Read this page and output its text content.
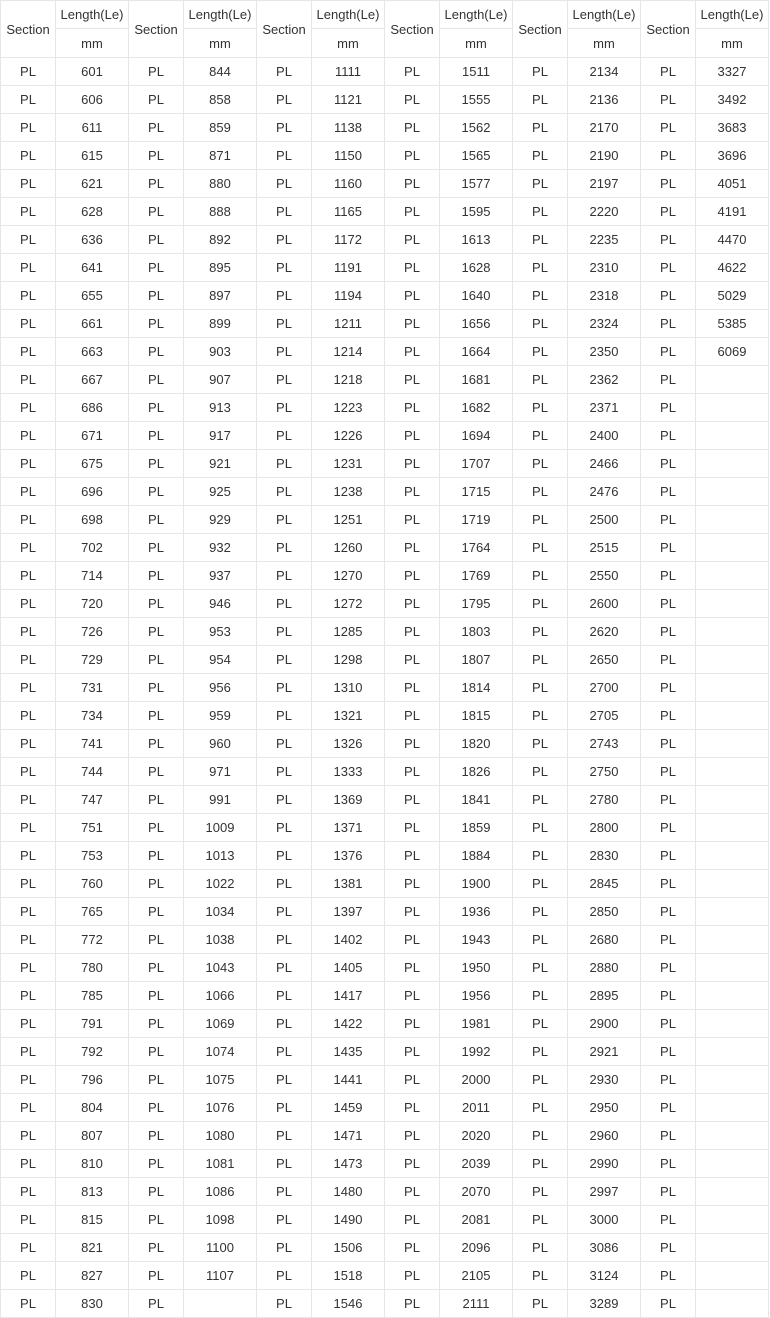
Section	Length(Le)	Section	Length(Le)	Section	Length(Le)	Section	Length(Le)	Section	Length(Le)	Section	Length(Le)
	mm		mm		mm		mm		mm		mm
PL	601	PL	844	PL	1111	PL	1511	PL	2134	PL	3327
PL	606	PL	858	PL	1121	PL	1555	PL	2136	PL	3492
PL	611	PL	859	PL	1138	PL	1562	PL	2170	PL	3683
PL	615	PL	871	PL	1150	PL	1565	PL	2190	PL	3696
PL	621	PL	880	PL	1160	PL	1577	PL	2197	PL	4051
PL	628	PL	888	PL	1165	PL	1595	PL	2220	PL	4191
PL	636	PL	892	PL	1172	PL	1613	PL	2235	PL	4470
PL	641	PL	895	PL	1191	PL	1628	PL	2310	PL	4622
PL	655	PL	897	PL	1194	PL	1640	PL	2318	PL	5029
PL	661	PL	899	PL	1211	PL	1656	PL	2324	PL	5385
PL	663	PL	903	PL	1214	PL	1664	PL	2350	PL	6069
PL	667	PL	907	PL	1218	PL	1681	PL	2362	PL	
PL	686	PL	913	PL	1223	PL	1682	PL	2371	PL	
PL	671	PL	917	PL	1226	PL	1694	PL	2400	PL	
PL	675	PL	921	PL	1231	PL	1707	PL	2466	PL	
PL	696	PL	925	PL	1238	PL	1715	PL	2476	PL	
PL	698	PL	929	PL	1251	PL	1719	PL	2500	PL	
PL	702	PL	932	PL	1260	PL	1764	PL	2515	PL	
PL	714	PL	937	PL	1270	PL	1769	PL	2550	PL	
PL	720	PL	946	PL	1272	PL	1795	PL	2600	PL	
PL	726	PL	953	PL	1285	PL	1803	PL	2620	PL	
PL	729	PL	954	PL	1298	PL	1807	PL	2650	PL	
PL	731	PL	956	PL	1310	PL	1814	PL	2700	PL	
PL	734	PL	959	PL	1321	PL	1815	PL	2705	PL	
PL	741	PL	960	PL	1326	PL	1820	PL	2743	PL	
PL	744	PL	971	PL	1333	PL	1826	PL	2750	PL	
PL	747	PL	991	PL	1369	PL	1841	PL	2780	PL	
PL	751	PL	1009	PL	1371	PL	1859	PL	2800	PL	
PL	753	PL	1013	PL	1376	PL	1884	PL	2830	PL	
PL	760	PL	1022	PL	1381	PL	1900	PL	2845	PL	
PL	765	PL	1034	PL	1397	PL	1936	PL	2850	PL	
PL	772	PL	1038	PL	1402	PL	1943	PL	2680	PL	
PL	780	PL	1043	PL	1405	PL	1950	PL	2880	PL	
PL	785	PL	1066	PL	1417	PL	1956	PL	2895	PL	
PL	791	PL	1069	PL	1422	PL	1981	PL	2900	PL	
PL	792	PL	1074	PL	1435	PL	1992	PL	2921	PL	
PL	796	PL	1075	PL	1441	PL	2000	PL	2930	PL	
PL	804	PL	1076	PL	1459	PL	2011	PL	2950	PL	
PL	807	PL	1080	PL	1471	PL	2020	PL	2960	PL	
PL	810	PL	1081	PL	1473	PL	2039	PL	2990	PL	
PL	813	PL	1086	PL	1480	PL	2070	PL	2997	PL	
PL	815	PL	1098	PL	1490	PL	2081	PL	3000	PL	
PL	821	PL	1100	PL	1506	PL	2096	PL	3086	PL	
PL	827	PL	1107	PL	1518	PL	2105	PL	3124	PL	
PL	830	PL		PL	1546	PL	2111	PL	3289	PL	
